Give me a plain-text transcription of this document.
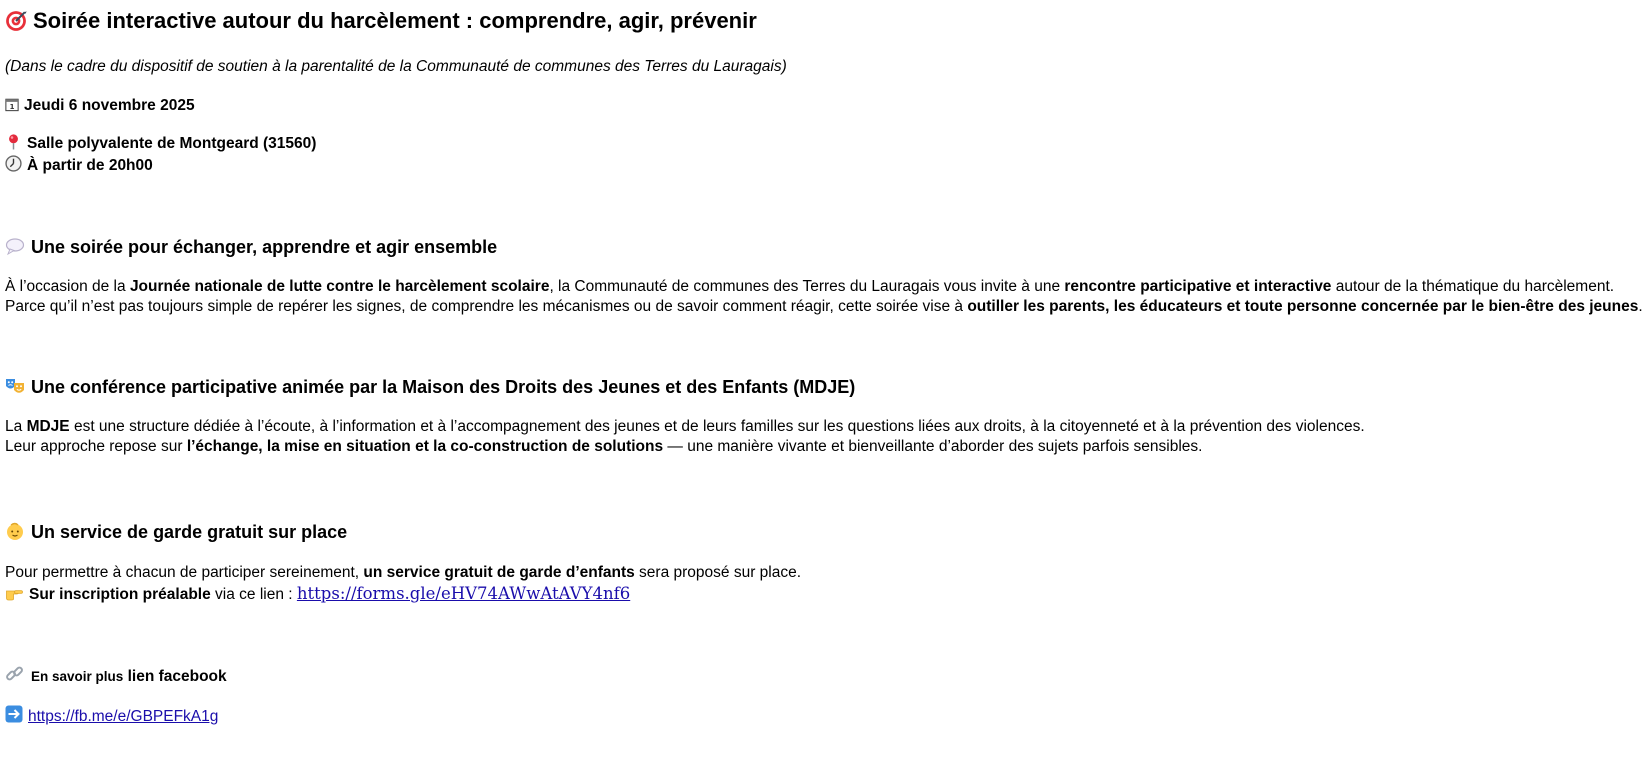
Soirée interactive autour du harcèlement : comprendre, agir, prévenir
(Dans le cadre du dispositif de soutien à la parentalité de la Communauté de communes des Terres du Lauragais)
1 Jeudi 6 novembre 2025
Salle polyvalente de Montgeard (31560)
À partir de 20h00
Une soirée pour échanger, apprendre et agir ensemble
À l’occasion de la Journée nationale de lutte contre le harcèlement scolaire, la Communauté de communes des Terres du Lauragais vous invite à une rencontre participative et interactive autour de la thématique du harcèlement.
Parce qu’il n’est pas toujours simple de repérer les signes, de comprendre les mécanismes ou de savoir comment réagir, cette soirée vise à outiller les parents, les éducateurs et toute personne concernée par le bien-être des jeunes.
Une conférence participative animée par la Maison des Droits des Jeunes et des Enfants (MDJE)
La MDJE est une structure dédiée à l’écoute, à l’information et à l’accompagnement des jeunes et de leurs familles sur les questions liées aux droits, à la citoyenneté et à la prévention des violences.
Leur approche repose sur l’échange, la mise en situation et la co-construction de solutions — une manière vivante et bienveillante d’aborder des sujets parfois sensibles.
Un service de garde gratuit sur place
Pour permettre à chacun de participer sereinement, un service gratuit de garde d’enfants sera proposé sur place.
Sur inscription préalable via ce lien : https://forms.gle/eHV74AWwAtAVY4nf6
En savoir plus lien facebook
https://fb.me/e/GBPEFkA1g
